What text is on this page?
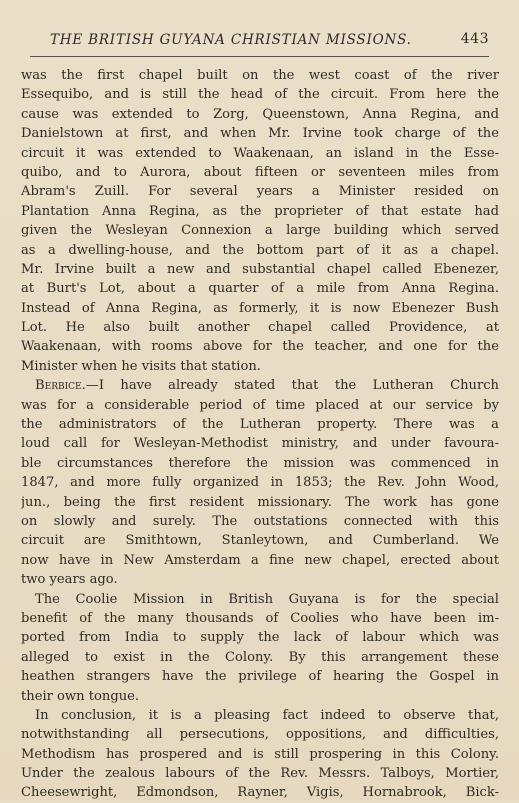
THE BRITISH GUYANA CHRISTIAN MISSIONS.	443
was the first chapel built on the west coast of the river
Essequibo, and is still the head of the circuit. From here the
cause was extended to Zorg, Queenstown, Anna Regina, and
Danielstown at first, and when Mr. Irvine took charge of the
circuit it was extended to Waakenaan, an island in the Esse-
quibo, and to Aurora, about fifteen or seventeen miles from
Abram's Zuill. For several years a Minister resided on
Plantation Anna Regina, as the proprieter of that estate had
given the Wesleyan Connexion a large building which served
as a dwelling-house, and the bottom part of it as a chapel.
Mr. Irvine built a new and substantial chapel called Ebenezer,
at Burt's Lot, about a quarter of a mile from Anna Regina.
Instead of Anna Regina, as formerly, it is now Ebenezer Bush
Lot. He also built another chapel called Providence, at
Waakenaan, with rooms above for the teacher, and one for the
Minister when he visits that station.
Berbice.—I have already stated that the Lutheran Church
was for a considerable period of time placed at our service by
the administrators of the Lutheran property. There was a
loud call for Wesleyan-Methodist ministry, and under favoura-
ble circumstances therefore the mission was commenced in
1847, and more fully organized in 1853; the Rev. John Wood,
jun., being the first resident missionary. The work has gone
on slowly and surely. The outstations connected with this
circuit are Smithtown, Stanleytown, and Cumberland. We
now have in New Amsterdam a fine new chapel, erected about
two years ago.
The Coolie Mission in British Guyana is for the special
benefit of the many thousands of Coolies who have been im-
ported from India to supply the lack of labour which was
alleged to exist in the Colony. By this arrangement these
heathen strangers have the privilege of hearing the Gospel in
their own tongue.
In conclusion, it is a pleasing fact indeed to observe that,
notwithstanding all persecutions, oppositions, and difficulties,
Methodism has prospered and is still prospering in this Colony.
Under the zealous labours of the Rev. Messrs. Talboys, Mortier,
Cheesewright, Edmondson, Rayner, Vigis, Hornabrook, Bick-
